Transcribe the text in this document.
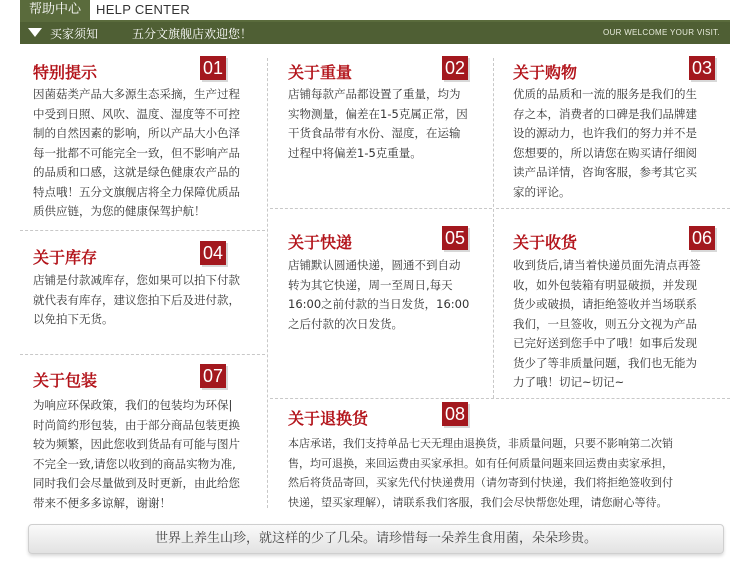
帮助中心	HELP CENTER
买家须知	五分文旗舰店欢迎您！	OUR WELCOME YOUR VISIT.
特别提示	01
因菌菇类产品大多源生态采摘，生产过程
中受到日照、风吹、温度、湿度等不可控
制的自然因素的影响，所以产品大小色泽
每一批都不可能完全一致，但不影响产品
的品质和口感，这就是绿色健康农产品的
特点哦！五分文旗舰店将全力保障优质品
质供应链，为您的健康保驾护航！
关于重量	02
店铺每款产品都设置了重量，均为
实物测量，偏差在1-5克属正常，因
干货食品带有水份、湿度，在运输
过程中将偏差1-5克重量。
关于购物	03
优质的品质和一流的服务是我们的生
存之本，消费者的口碑是我们品牌建
设的源动力，也许我们的努力并不是
您想要的，所以请您在购买请仔细阅
读产品详情，咨询客服，参考其它买
家的评论。
关于库存	04
店铺是付款减库存，您如果可以拍下付款
就代表有库存，建议您拍下后及进付款，
以免拍下无货。
关于快递	05
店铺默认圆通快递，圆通不到自动
转为其它快递，周一至周日,每天
16:00之前付款的当日发货，16:00
之后付款的次日发货。
关于收货	06
收到货后,请当着快递员面先清点再签
收，如外包装箱有明显破损，并发现
货少或破损，请拒绝签收并当场联系
我们，一旦签收，则五分文视为产品
已完好送到您手中了哦！如事后发现
货少了等非质量问题，我们也无能为
力了哦！切记~切记~
关于包装	07
为响应环保政策，我们的包装均为环保|
时尚简约形包装，由于部分商品包装更换
较为频繁，因此您收到货品有可能与图片
不完全一致,请您以收到的商品实物为准,
同时我们会尽量做到及时更新，由此给您
带来不便多多谅解，谢谢！
关于退换货	08
本店承诺，我们支持单品七天无理由退换货，非质量问题，只要不影响第二次销
售，均可退换，来回运费由买家承担。如有任何质量问题来回运费由卖家承担，
然后将货品寄回，买家先代付快递费用（请勿寄到付快递，我们将拒绝签收到付
快递，望买家理解），请联系我们客服，我们会尽快帮您处理，请您耐心等待。
世界上养生山珍，就这样的少了几朵。请珍惜每一朵养生食用菌，朵朵珍贵。
